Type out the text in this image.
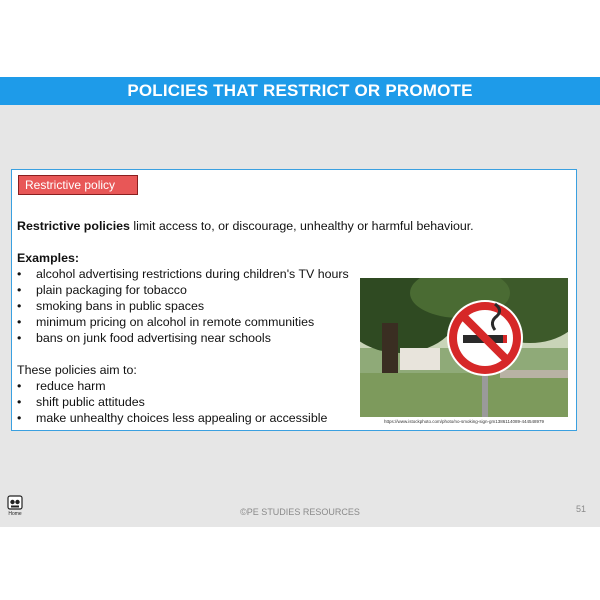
POLICIES THAT RESTRICT OR PROMOTE
Restrictive policy

Restrictive policies limit access to, or discourage, unhealthy or harmful behaviour.

Examples:

• alcohol advertising restrictions during children's TV hours
• plain packaging for tobacco
• smoking bans in public spaces
• minimum pricing on alcohol in remote communities
• bans on junk food advertising near schools

These policies aim to:

• reduce harm
• shift public attitudes
• make unhealthy choices less appealing or accessible	https://www.istockphoto.com/photo/no-smoking-sign-gm1386114089-444548979
Home	©PE STUDIES RESOURCES	51
